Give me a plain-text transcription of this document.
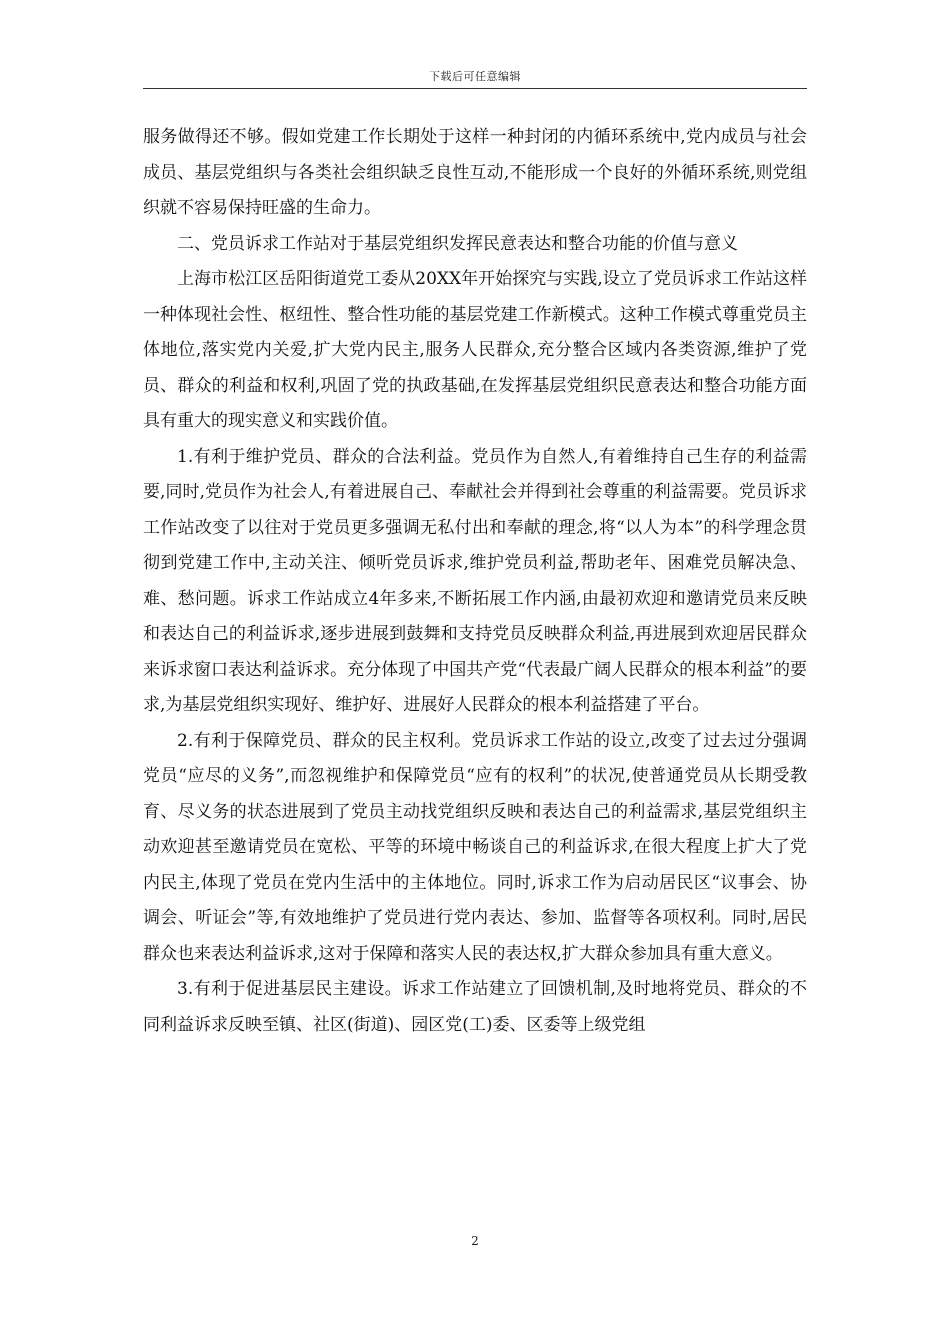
下载后可任意编辑

服务做得还不够。假如党建工作长期处于这样一种封闭的内循环系统中,党内成员与社会成员、基层党组织与各类社会组织缺乏良性互动,不能形成一个良好的外循环系统,则党组织就不容易保持旺盛的生命力。

二、党员诉求工作站对于基层党组织发挥民意表达和整合功能的价值与意义

上海市松江区岳阳街道党工委从20XX年开始探究与实践,设立了党员诉求工作站这样一种体现社会性、枢纽性、整合性功能的基层党建工作新模式。这种工作模式尊重党员主体地位,落实党内关爱,扩大党内民主,服务人民群众,充分整合区域内各类资源,维护了党员、群众的利益和权利,巩固了党的执政基础,在发挥基层党组织民意表达和整合功能方面具有重大的现实意义和实践价值。

1.有利于维护党员、群众的合法利益。党员作为自然人,有着维持自己生存的利益需要,同时,党员作为社会人,有着进展自己、奉献社会并得到社会尊重的利益需要。党员诉求工作站改变了以往对于党员更多强调无私付出和奉献的理念,将“以人为本”的科学理念贯彻到党建工作中,主动关注、倾听党员诉求,维护党员利益,帮助老年、困难党员解决急、难、愁问题。诉求工作站成立4年多来,不断拓展工作内涵,由最初欢迎和邀请党员来反映和表达自己的利益诉求,逐步进展到鼓舞和支持党员反映群众利益,再进展到欢迎居民群众来诉求窗口表达利益诉求。充分体现了中国共产党“代表最广阔人民群众的根本利益”的要求,为基层党组织实现好、维护好、进展好人民群众的根本利益搭建了平台。

2.有利于保障党员、群众的民主权利。党员诉求工作站的设立,改变了过去过分强调党员“应尽的义务”,而忽视维护和保障党员“应有的权利”的状况,使普通党员从长期受教育、尽义务的状态进展到了党员主动找党组织反映和表达自己的利益需求,基层党组织主动欢迎甚至邀请党员在宽松、平等的环境中畅谈自己的利益诉求,在很大程度上扩大了党内民主,体现了党员在党内生活中的主体地位。同时,诉求工作为启动居民区“议事会、协调会、听证会”等,有效地维护了党员进行党内表达、参加、监督等各项权利。同时,居民群众也来表达利益诉求,这对于保障和落实人民的表达权,扩大群众参加具有重大意义。

3.有利于促进基层民主建设。诉求工作站建立了回馈机制,及时地将党员、群众的不同利益诉求反映至镇、社区(街道)、园区党(工)委、区委等上级党组

2
